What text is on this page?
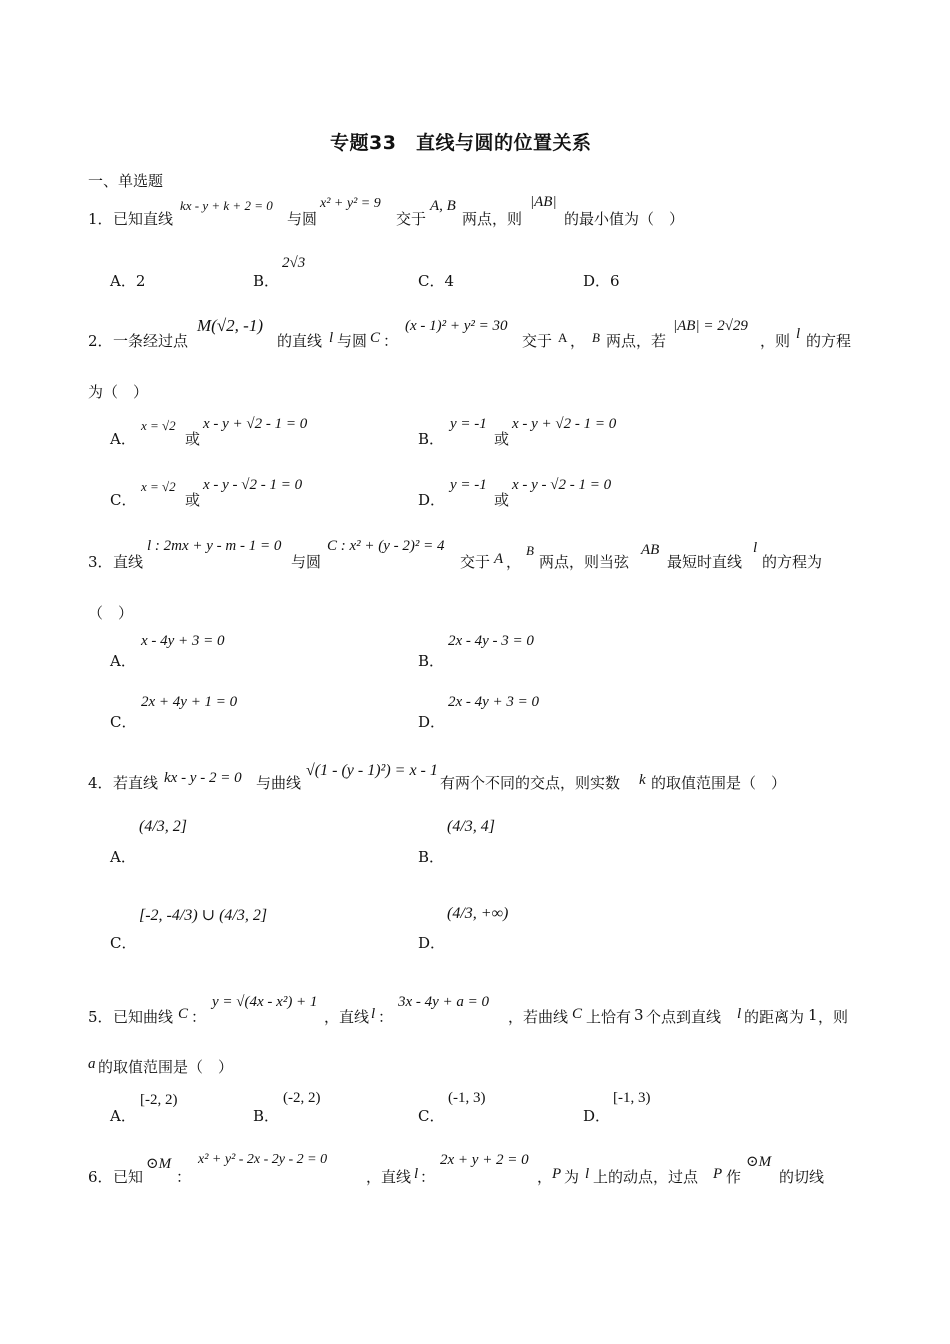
专题33　直线与圆的位置关系
一、单选题
1． 已知直线
kx - y + k + 2 = 0
与圆
x² + y² = 9
交于
A, B
两点，则
|AB|
的最小值为（　）
A．2	B．
2√3
C．4	D．6
2． 一条经过点
M(√2, -1)
的直线 l 与圆 C ：
(x - 1)² + y² = 30
交于 A ， B 两点，若
|AB| = 2√29
，则 l 的方程
为（　）
A．
x = √2
或
x - y + √2 - 1 = 0
B．
y = -1
或
x - y + √2 - 1 = 0
C．
x = √2
或
x - y - √2 - 1 = 0
D．
y = -1
或
x - y - √2 - 1 = 0
3． 直线
l : 2mx + y - m - 1 = 0
与圆
C : x² + (y - 2)² = 4
交于 A ，
B
两点，则当弦
AB
最短时直线
l
的方程为
（　）
A．
x - 4y + 3 = 0
B．
2x - 4y - 3 = 0
C．
2x + 4y + 1 = 0
D．
2x - 4y + 3 = 0
4． 若直线 kx - y - 2 = 0 与曲线
√(1 - (y - 1)²) = x - 1
有两个不同的交点，则实数 k 的取值范围是（　）
A．
(4/3, 2]
B．
(4/3, 4]
C．
[-2, -4/3) ∪ (4/3, 2]
D．
(4/3, +∞)
5． 已知曲线 C ：
y = √(4x - x²) + 1
，直线 l ：
3x - 4y + a = 0
，若曲线 C 上恰有 3 个点到直线 l 的距离为 1 ，则
a 的取值范围是（　）
A．
[-2, 2)
B．
(-2, 2)
C．
(-1, 3)
D．
[-1, 3)
6． 已知
⊙M
：
x² + y² - 2x - 2y - 2 = 0
，直线 l ：
2x + y + 2 = 0
， P 为 l 上的动点，过点 P 作
⊙M
的切线
